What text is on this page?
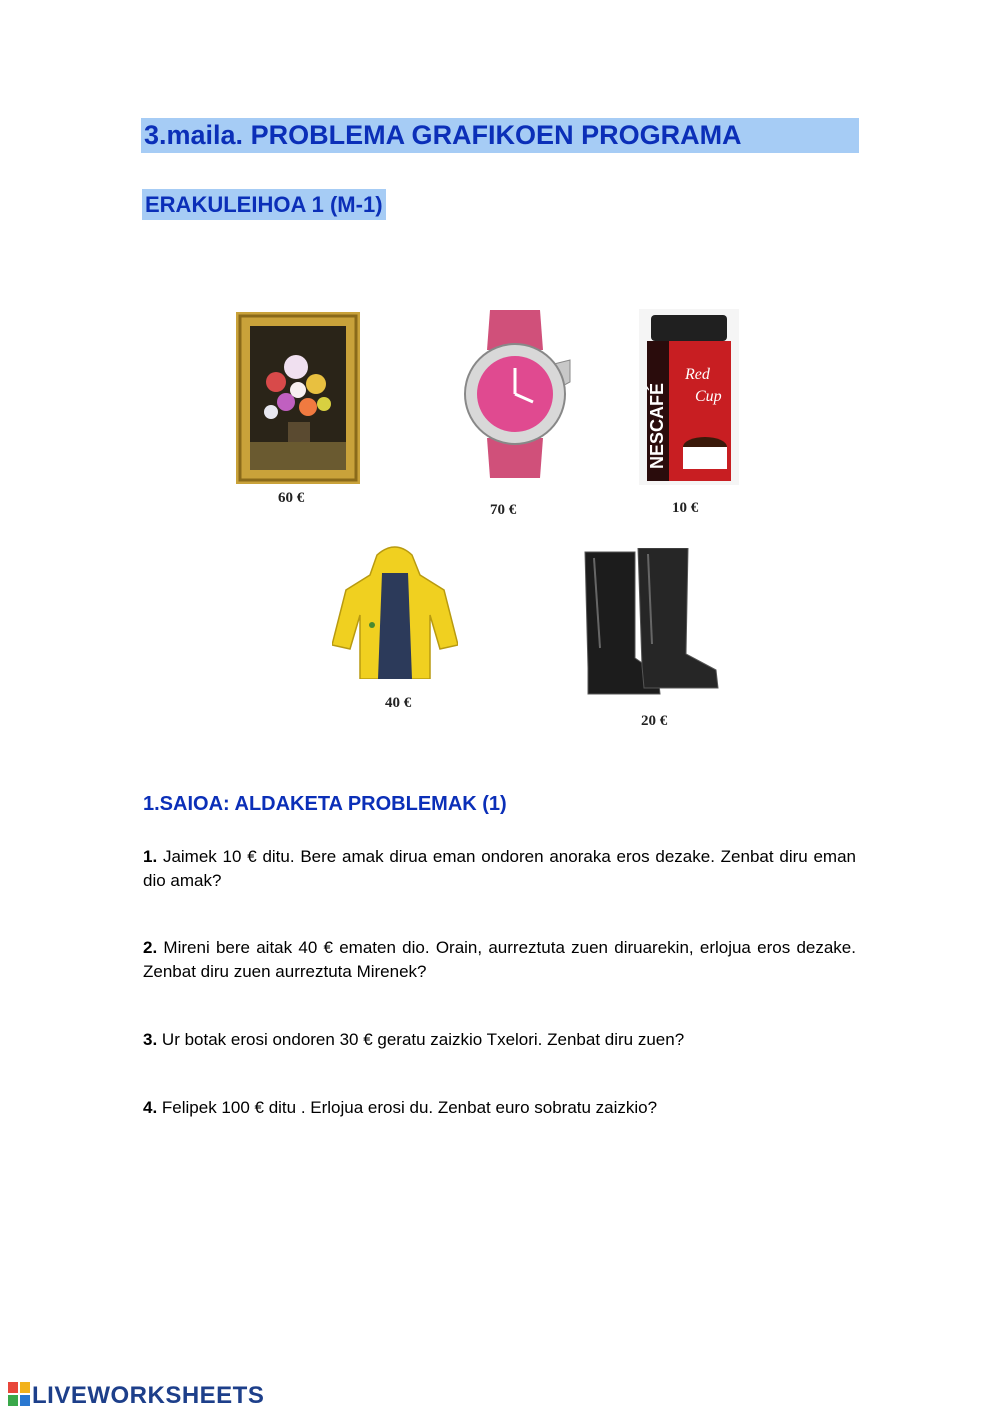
3.maila. PROBLEMA GRAFIKOEN PROGRAMA
ERAKULEIHOA 1 (M-1)
NESCAFÉ
Red
Cup
60 €
70 €	10 €
40 €
20 €
1.SAIOA: ALDAKETA PROBLEMAK (1)
1. Jaimek 10 € ditu. Bere amak dirua eman ondoren anoraka eros dezake. Zenbat diru eman dio amak?
2. Mireni bere aitak 40 € ematen dio. Orain, aurreztuta zuen diruarekin, erlojua eros dezake. Zenbat diru zuen aurreztuta Mirenek?
3. Ur botak erosi ondoren 30 € geratu zaizkio Txelori. Zenbat diru zuen?
4. Felipek 100 € ditu . Erlojua erosi du. Zenbat euro sobratu zaizkio?
LIVEWORKSHEETS
